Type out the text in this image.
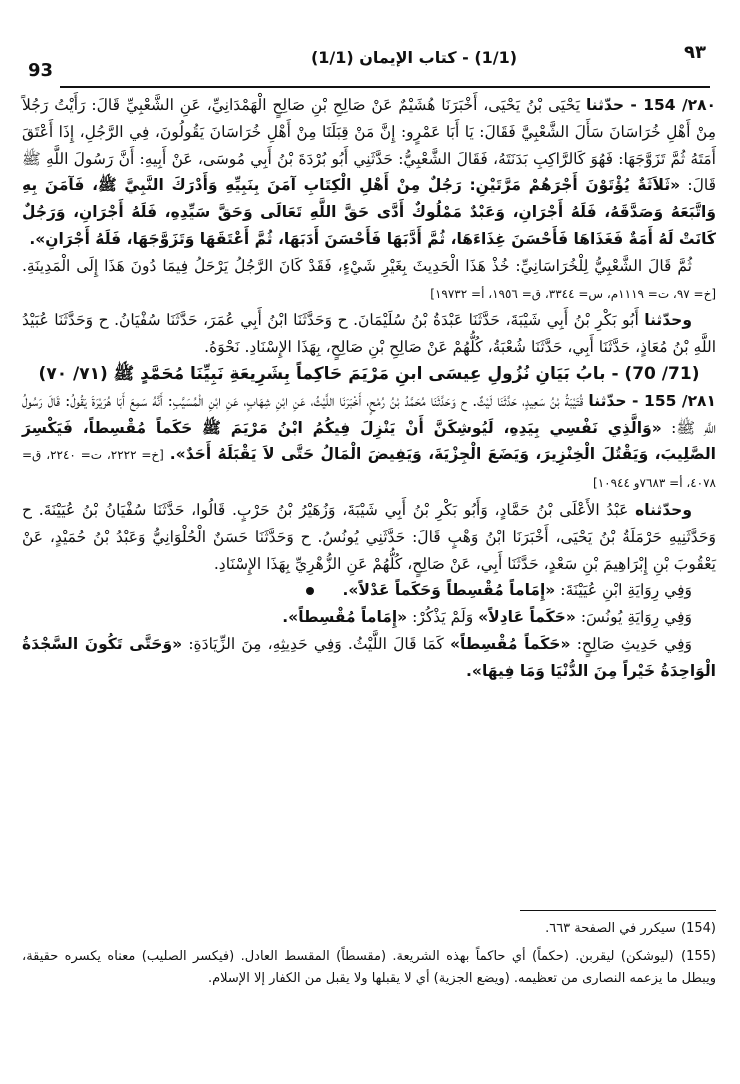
93
(1/1) - كتاب الإيمان (1/1)	٩٣

٢٨٠/ 154 - حدّثنا يَحْيَى بْنُ يَحْيَى، أَخْبَرَنَا هُشَيْمٌ عَنْ صَالِحِ بْنِ صَالِحٍ الْهَمْدَانِيِّ، عَنِ الشَّعْبِيِّ قَالَ: رَأَيْتُ رَجُلاً مِنْ أَهْلِ خُرَاسَانَ سَأَلَ الشَّعْبِيَّ فَقَالَ: يَا أَبَا عَمْرٍو: إِنَّ مَنْ قِبَلَنَا مِنْ أَهْلِ خُرَاسَانَ يَقُولُونَ، فِي الرَّجُلِ، إِذَا أَعْتَقَ أَمَتَهُ ثُمَّ تَزَوَّجَهَا: فَهُوَ كَالرَّاكِبِ بَدَنَتَهُ، فَقَالَ الشَّعْبِيُّ: حَدَّثَنِي أَبُو بُرْدَةَ بْنُ أَبِي مُوسَى، عَنْ أَبِيهِ: أَنَّ رَسُولَ اللَّهِ ﷺ قَالَ: «ثَلاَثَةٌ يُؤْتَوْنَ أَجْرَهُمْ مَرَّتَيْنِ: رَجُلٌ مِنْ أَهْلِ الْكِتَابِ آمَنَ بِنَبِيِّهِ وَأَدْرَكَ النَّبِيَّ ﷺ، فَآمَنَ بِهِ وَاتَّبَعَهُ وَصَدَّقَهُ، فَلَهُ أَجْرَانِ، وَعَبْدٌ مَمْلُوكٌ أَدَّى حَقَّ اللَّهِ تَعَالَى وَحَقَّ سَيِّدِهِ، فَلَهُ أَجْرَانِ، وَرَجُلٌ كَانَتْ لَهُ أَمَةٌ فَغَذَاهَا فَأَحْسَنَ غِذَاءَهَا، ثُمَّ أَدَّبَهَا فَأَحْسَنَ أَدَبَهَا، ثُمَّ أَعْتَقَهَا وَتَزَوَّجَهَا، فَلَهُ أَجْرَانِ».

ثُمَّ قَالَ الشَّعْبِيُّ لِلْخُرَاسَانِيِّ: خُذْ هَذَا الْحَدِيثَ بِغَيْرِ شَيْءٍ، فَقَدْ كَانَ الرَّجُلُ يَرْحَلُ فِيمَا دُونَ هَذَا إِلَى الْمَدِينَةِ. [خ= ٩٧، ت= ١١١٩م، س= ٣٣٤٤، ق= ١٩٥٦، أ= ١٩٧٣٢]

وحدّثنا أَبُو بَكْرِ بْنُ أَبِي شَيْبَةَ، حَدَّثَنَا عَبْدَةُ بْنُ سُلَيْمَانَ. ح وَحَدَّثَنَا ابْنُ أَبِي عُمَرَ، حَدَّثَنَا سُفْيَانُ. ح وَحَدَّثَنَا عُبَيْدُ اللَّهِ بْنُ مُعَاذٍ، حَدَّثَنَا أَبِي، حَدَّثَنَا شُعْبَةُ، كُلُّهُمْ عَنْ صَالِحِ بْنِ صَالِحٍ، بِهَذَا الإِسْنَادِ. نَحْوَهُ.

(71/ 70) - بابُ بَيَانِ نُزُولِ عِيسَى ابنِ مَرْيَمَ حَاكِماً بِشَرِيعَةِ نَبِيِّنَا مُحَمَّدٍ ﷺ (٧١/ ٧٠)

٢٨١/ 155 - حدّثنا قُتَيْبَةُ بْنُ سَعِيدٍ، حَدَّثَنَا لَيْثٌ. ح وَحَدَّثَنَا مُحَمَّدُ بْنُ رُمْحٍ، أَخْبَرَنَا اللَّيْثُ، عَنِ ابْنِ شِهَابٍ، عَنِ ابْنِ الْمُسَيَّبِ: أَنَّهُ سَمِعَ أَبَا هُرَيْرَةَ يَقُولُ: قَالَ رَسُولُ اللَّهِ ﷺ: «وَالَّذِي نَفْسِي بِيَدِهِ، لَيُوشِكَنَّ أَنْ يَنْزِلَ فِيكُمُ ابْنُ مَرْيَمَ ﷺ حَكَماً مُقْسِطاً، فَيَكْسِرَ الصَّلِيبَ، وَيَقْتُلَ الْخِنْزِيرَ، وَيَضَعَ الْجِزْيَةَ، وَيَفِيضَ الْمَالُ حَتَّى لاَ يَقْبَلَهُ أَحَدٌ». [خ= ٢٢٢٢، ت= ٢٢٤٠، ق= ٤٠٧٨، أ= ٧٦٨٣و ١٠٩٤٤]

وحدّثناه عَبْدُ الأَعْلَى بْنُ حَمَّادٍ، وَأَبُو بَكْرِ بْنُ أَبِي شَيْبَةَ، وَزُهَيْرُ بْنُ حَرْبٍ. قَالُوا، حَدَّثَنَا سُفْيَانُ بْنُ عُيَيْنَةَ. ح وَحَدَّثَنِيهِ حَرْمَلَةُ بْنُ يَحْيَى، أَخْبَرَنَا ابْنُ وَهْبٍ قَالَ: حَدَّثَنِي يُونُسُ. ح وَحَدَّثَنَا حَسَنٌ الْحُلْوَانِيُّ وَعَبْدُ بْنُ حُمَيْدٍ، عَنْ يَعْقُوبَ بْنِ إِبْرَاهِيمَ بْنِ سَعْدٍ، حَدَّثَنَا أَبِي، عَنْ صَالِحٍ، كُلُّهُمْ عَنِ الزُّهْرِيِّ بِهَذَا الإِسْنَادِ.

وَفِي رِوَايَةِ ابْنِ عُيَيْنَةَ: «إِمَاماً مُقْسِطاً وَحَكَماً عَدْلاً».

وَفِي رِوَايَةِ يُونُسَ: «حَكَماً عَادِلاً» وَلَمْ يَذْكُرْ: «إِمَاماً مُقْسِطاً».

وَفِي حَدِيثِ صَالِحٍ: «حَكَماً مُقْسِطاً» كَمَا قَالَ اللَّيْثُ. وَفِي حَدِيثِهِ، مِنَ الزِّيَادَةِ: «وَحَتَّى تَكُونَ السَّجْدَةُ الْوَاحِدَةُ خَيْراً مِنَ الدُّنْيَا وَمَا فِيهَا».

(154) سيكرر في الصفحة ٦٦٣.

(155) (ليوشكن) ليقربن. (حكماً) أي حاكماً بهذه الشريعة. (مقسطاً) المقسط العادل. (فيكسر الصليب) معناه يكسره حقيقة، ويبطل ما يزعمه النصارى من تعظيمه. (ويضع الجزية) أي لا يقبلها ولا يقبل من الكفار إلا الإسلام.
